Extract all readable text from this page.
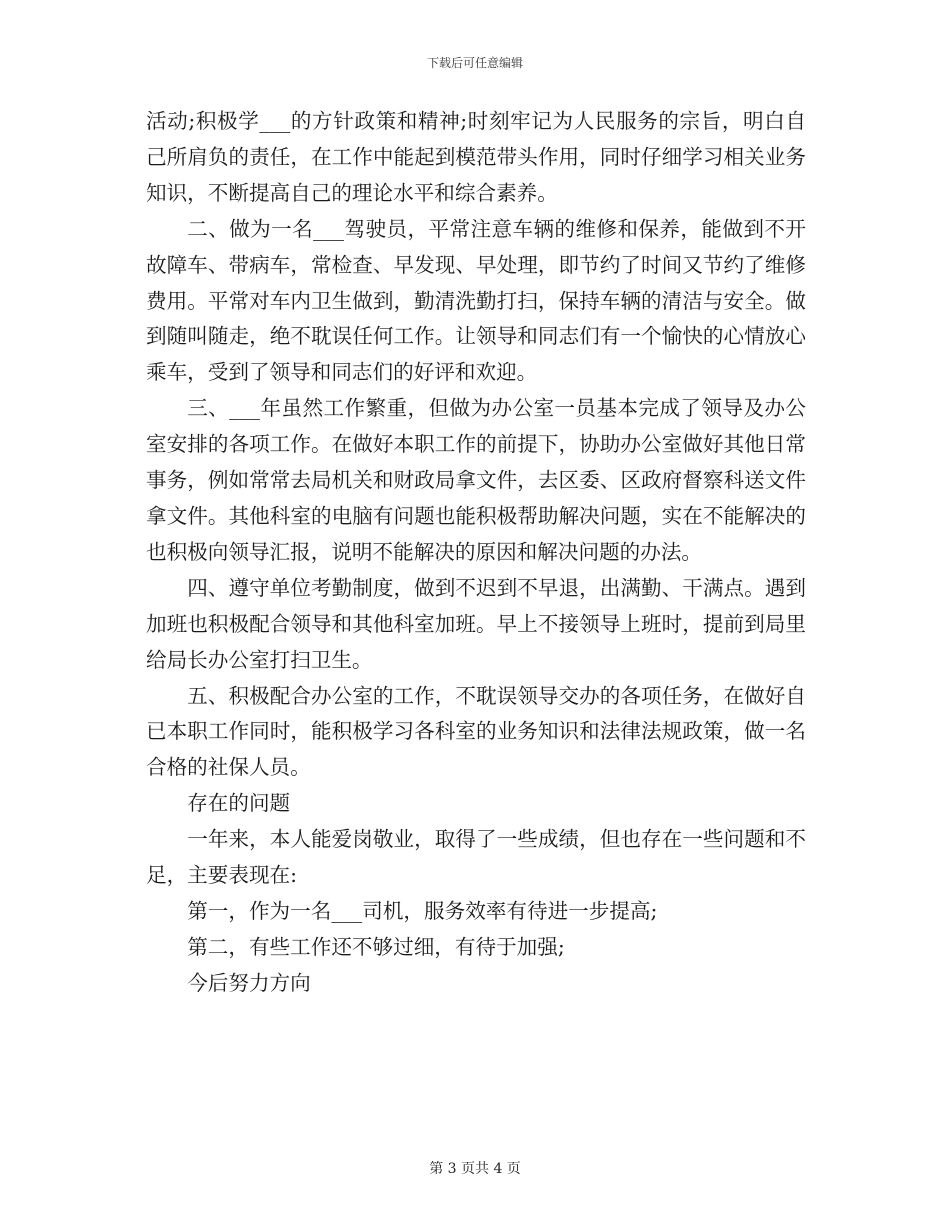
下载后可任意编辑

活动;积极学___的方针政策和精神;时刻牢记为人民服务的宗旨，明白自己所肩负的责任，在工作中能起到模范带头作用，同时仔细学习相关业务知识，不断提高自己的理论水平和综合素养。

二、做为一名___驾驶员，平常注意车辆的维修和保养，能做到不开故障车、带病车，常检查、早发现、早处理，即节约了时间又节约了维修费用。平常对车内卫生做到，勤清洗勤打扫，保持车辆的清洁与安全。做到随叫随走，绝不耽误任何工作。让领导和同志们有一个愉快的心情放心乘车，受到了领导和同志们的好评和欢迎。

三、___年虽然工作繁重，但做为办公室一员基本完成了领导及办公室安排的各项工作。在做好本职工作的前提下，协助办公室做好其他日常事务，例如常常去局机关和财政局拿文件，去区委、区政府督察科送文件拿文件。其他科室的电脑有问题也能积极帮助解决问题，实在不能解决的也积极向领导汇报，说明不能解决的原因和解决问题的办法。

四、遵守单位考勤制度，做到不迟到不早退，出满勤、干满点。遇到加班也积极配合领导和其他科室加班。早上不接领导上班时，提前到局里给局长办公室打扫卫生。

五、积极配合办公室的工作，不耽误领导交办的各项任务，在做好自已本职工作同时，能积极学习各科室的业务知识和法律法规政策，做一名合格的社保人员。

存在的问题

一年来，本人能爱岗敬业，取得了一些成绩，但也存在一些问题和不足，主要表现在:

第一，作为一名___司机，服务效率有待进一步提高;

第二，有些工作还不够过细，有待于加强;

今后努力方向

第 3 页共 4 页
